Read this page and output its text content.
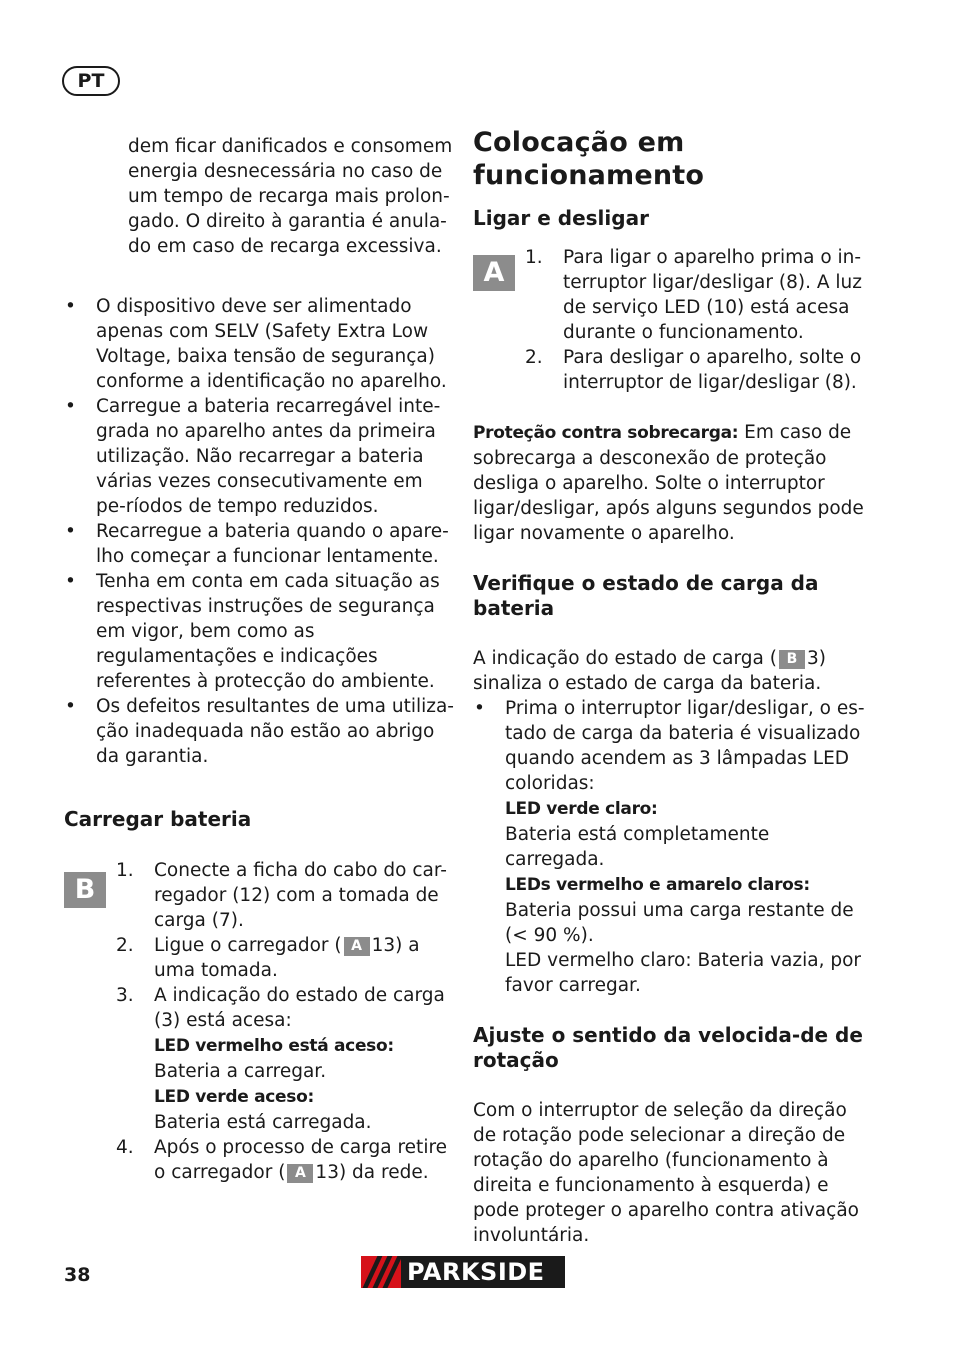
PT

dem ficar danificados e consomem energia desnecessária no caso de um tempo de recarga mais prolon-gado. O direito à garantia é anula-do em caso de recarga excessiva.

• O dispositivo deve ser alimentado apenas com SELV (Safety Extra Low Voltage, baixa tensão de segurança) conforme a identificação no aparelho.
• Carregue a bateria recarregável inte-grada no aparelho antes da primeira utilização. Não recarregar a bateria várias vezes consecutivamente em pe-ríodos de tempo reduzidos.
• Recarregue a bateria quando o apare-lho começar a funcionar lentamente.
• Tenha em conta em cada situação as respectivas instruções de segurança em vigor, bem como as regulamentações e indicações referentes à protecção do ambiente.
• Os defeitos resultantes de uma utiliza-ção inadequada não estão ao abrigo da garantia.
Carregar bateria
B
1. Conecte a ficha do cabo do car-regador (12) com a tomada de carga (7).
2. Ligue o carregador ( A 13) a uma tomada.
3. A indicação do estado de carga (3) está acesa:
LED vermelho está aceso:
Bateria a carregar.
LED verde aceso:
Bateria está carregada.
4. Após o processo de carga retire o carregador ( A 13) da rede.
Colocação em
funcionamento
Ligar e desligar
A	1. Para ligar o aparelho prima o in-terruptor ligar/desligar (8). A luz de serviço LED (10) está acesa durante o funcionamento.
2. Para desligar o aparelho, solte o interruptor de ligar/desligar (8).

Proteção contra sobrecarga: Em caso de sobrecarga a desconexão de proteção desliga o aparelho. Solte o interruptor ligar/desligar, após alguns segundos pode ligar novamente o aparelho.

Verifique o estado de carga da bateria

A indicação do estado de carga ( B 3) sinaliza o estado de carga da bateria.

• Prima o interruptor ligar/desligar, o es-tado de carga da bateria é visualizado quando acendem as 3 lâmpadas LED coloridas:
LED verde claro:
Bateria está completamente carregada.
LEDs vermelho e amarelo claros:
Bateria possui uma carga restante de (< 90 %).
LED vermelho claro: Bateria vazia, por favor carregar.
Ajuste o sentido da velocida-de de rotação

Com o interruptor de seleção da direção de rotação pode selecionar a direção de rotação do aparelho (funcionamento à direita e funcionamento à esquerda) e pode proteger o aparelho contra ativação involuntária.

38	PARKSIDE
